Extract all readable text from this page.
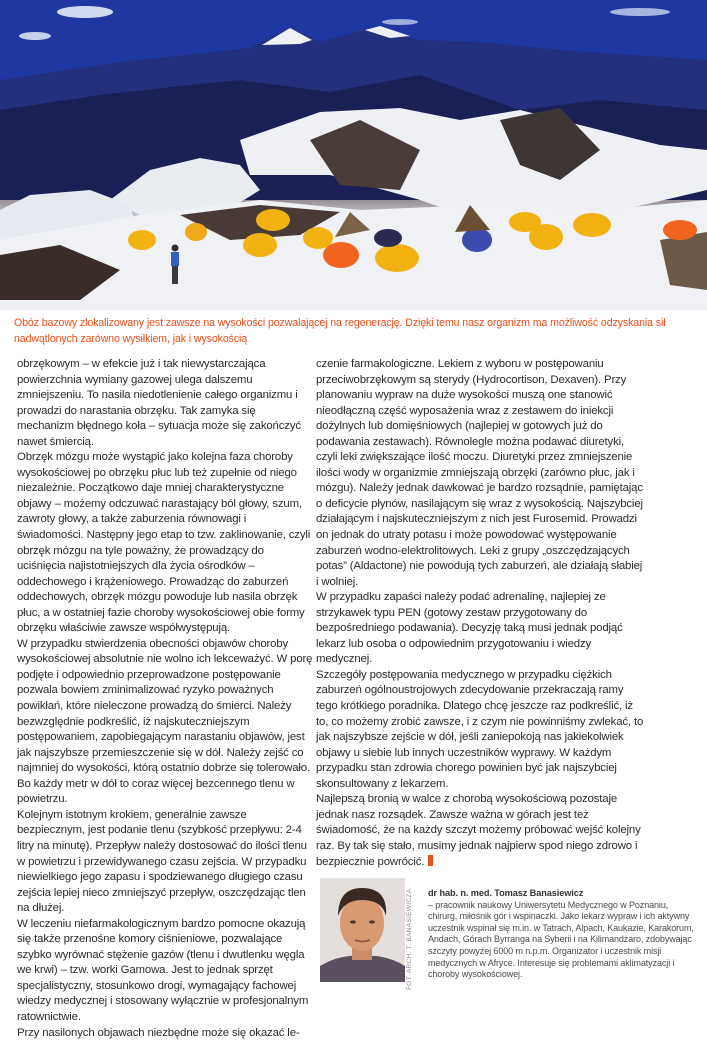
Obóz bazowy zlokalizowany jest zawsze na wysokości pozwalającej na regenerację. Dzięki temu nasz organizm ma możliwość odzyskania sił nadwątlonych zarówno wysiłkiem, jak i wysokością

obrzękowym – w efekcie już i tak niewystarczająca powierzchnia wymiany gazowej ulega dalszemu zmniejszeniu. To nasila niedotlenienie całego organizmu i prowadzi do narastania obrzęku. Tak zamyka się mechanizm błędnego koła – sytuacja może się zakończyć nawet śmiercią.

Obrzęk mózgu może wystąpić jako kolejna faza choroby wysokościowej po obrzęku płuc lub też zupełnie od niego niezależnie. Początkowo daje mniej charakterystyczne objawy – możemy odczuwać narastający ból głowy, szum, zawroty głowy, a także zaburzenia równowagi i świadomości. Następny jego etap to tzw. zaklinowanie, czyli obrzęk mózgu na tyle poważny, że prowadzący do uciśnięcia najistotniejszych dla życia ośrodków – oddechowego i krążeniowego. Prowadząc do zaburzeń oddechowych, obrzęk mózgu powoduje lub nasila obrzęk płuc, a w ostatniej fazie choroby wysokościowej obie formy obrzęku właściwie zawsze współwystępują.

W przypadku stwierdzenia obecności objawów choroby wysokościowej absolutnie nie wolno ich lekceważyć. W porę podjęte i odpowiednio przeprowadzone postępowanie pozwala bowiem zminimalizować ryzyko poważnych powikłań, które nieleczone prowadzą do śmierci. Należy bezwzględnie podkreślić, iż najskuteczniejszym postępowaniem, zapobiegającym narastaniu objawów, jest jak najszybsze przemieszczenie się w dół. Należy zejść co najmniej do wysokości, którą ostatnio dobrze się tolerowało. Bo każdy metr w dół to coraz więcej bezcennego tlenu w powietrzu.

Kolejnym istotnym krokiem, generalnie zawsze bezpiecznym, jest podanie tlenu (szybkość przepływu: 2-4 litry na minutę). Przepływ należy dostosować do ilości tlenu w powietrzu i przewidywanego czasu zejścia. W przypadku niewielkiego jego zapasu i spodziewanego długiego czasu zejścia lepiej nieco zmniejszyć przepływ, oszczędzając tlen na dłużej.

W leczeniu niefarmakologicznym bardzo pomocne okazują się także przenośne komory ciśnieniowe, pozwalające szybko wyrównać stężenie gazów (tlenu i dwutlenku węgla we krwi) – tzw. worki Gamowa. Jest to jednak sprzęt specjalistyczny, stosunkowo drogi, wymagający fachowej wiedzy medycznej i stosowany wyłącznie w profesjonalnym ratownictwie.

Przy nasilonych objawach niezbędne może się okazać le-

czenie farmakologiczne. Lekiem z wyboru w postępowaniu przeciwobrzękowym są sterydy (Hydrocortison, Dexaven). Przy planowaniu wypraw na duże wysokości muszą one stanowić nieodłączną część wyposażenia wraz z zestawem do iniekcji dożylnych lub domięśniowych (najlepiej w gotowych już do podawania zestawach). Równolegle można podawać diuretyki, czyli leki zwiększające ilość moczu. Diuretyki przez zmniejszenie ilości wody w organizmie zmniejszają obrzęki (zarówno płuc, jak i mózgu). Należy jednak dawkować je bardzo rozsądnie, pamiętając o deficycie płynów, nasilającym się wraz z wysokością. Najszybciej działającym i najskuteczniejszym z nich jest Furosemid. Prowadzi on jednak do utraty potasu i może powodować występowanie zaburzeń wodno-elektrolitowych. Leki z grupy „oszczędzających potas” (Aldactone) nie powodują tych zaburzeń, ale działają słabiej i wolniej.

W przypadku zapaści należy podać adrenalinę, najlepiej ze strzykawek typu PEN (gotowy zestaw przygotowany do bezpośredniego podawania). Decyzję taką musi jednak podjąć lekarz lub osoba o odpowiednim przygotowaniu i wiedzy medycznej.

Szczegóły postępowania medycznego w przypadku ciężkich zaburzeń ogólnoustrojowych zdecydowanie przekraczają ramy tego krótkiego poradnika. Dlatego chcę jeszcze raz podkreślić, iż to, co możemy zrobić zawsze, i z czym nie powinniśmy zwlekać, to jak najszybsze zejście w dół, jeśli zaniepokoją nas jakiekolwiek objawy u siebie lub innych uczestników wyprawy. W każdym przypadku stan zdrowia chorego powinien być jak najszybciej skonsultowany z lekarzem.

Najlepszą bronią w walce z chorobą wysokościową pozostaje jednak nasz rozsądek. Zawsze ważna w górach jest też świadomość, że na każdy szczyt możemy próbować wejść kolejny raz. By tak się stało, musimy jednak najpierw spod niego zdrowo i bezpiecznie powrócić.

FOT. ARCH. T. BANASIEWICZA	dr hab. n. med. Tomasz Banasiewicz
– pracownik naukowy Uniwersytetu Medycznego w Poznaniu, chirurg, miłośnik gór i wspinaczki. Jako lekarz wypraw i ich aktywny uczestnik wspinał się m.in. w Tatrach, Alpach, Kaukazie, Karakorum, Andach, Górach Byrranga na Syberii i na Kilimandżaro, zdobywając szczyty powyżej 6000 m n.p.m. Organizator i uczestnik misji medycznych w Afryce. Interesuje się problemami aklimatyzacji i choroby wysokościowej.
